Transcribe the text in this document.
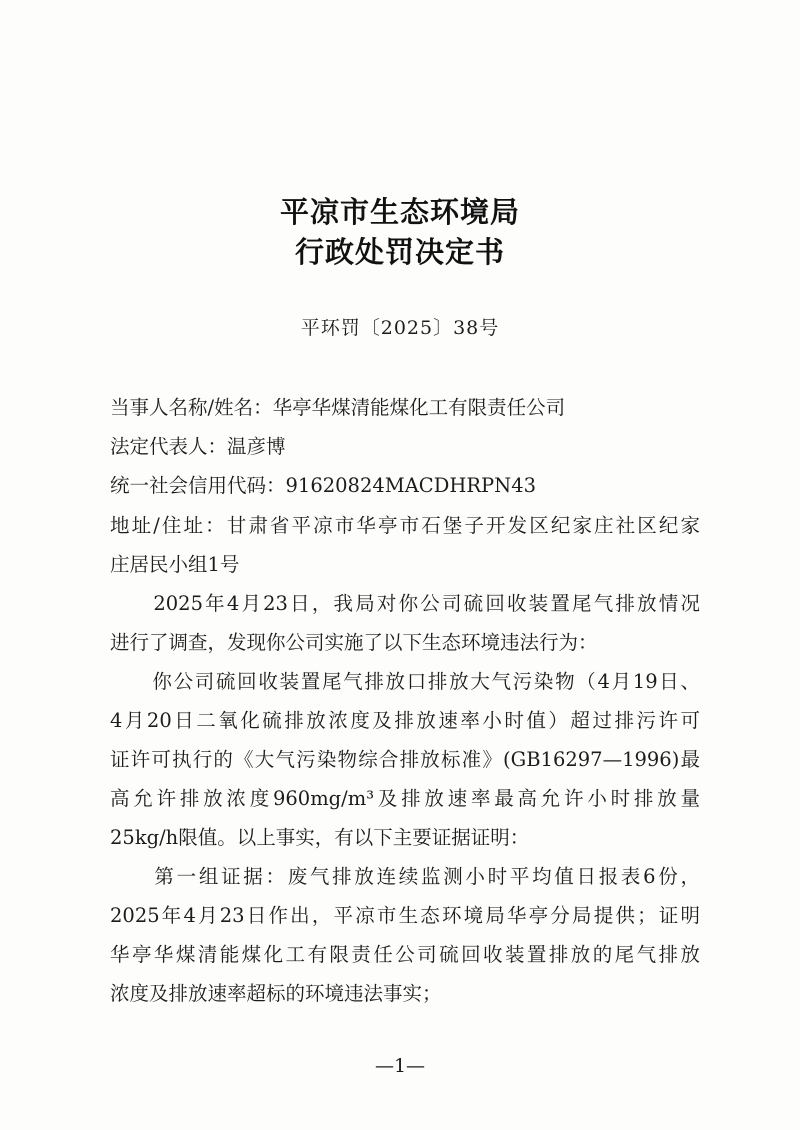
平凉市生态环境局
行政处罚决定书
平环罚〔2025〕38号
当事人名称/姓名：华亭华煤清能煤化工有限责任公司
法定代表人：温彦博
统一社会信用代码：91620824MACDHRPN43
地址/住址：甘肃省平凉市华亭市石堡子开发区纪家庄社区纪家
庄居民小组1号
　　2025年4月23日，我局对你公司硫回收装置尾气排放情况
进行了调查，发现你公司实施了以下生态环境违法行为：
　　你公司硫回收装置尾气排放口排放大气污染物（4月19日、
4月20日二氧化硫排放浓度及排放速率小时值）超过排污许可
证许可执行的《大气污染物综合排放标准》(GB16297—1996)最
高允许排放浓度960mg/m³及排放速率最高允许小时排放量
25kg/h限值。以上事实，有以下主要证据证明：
　　第一组证据：废气排放连续监测小时平均值日报表6份，
2025年4月23日作出，平凉市生态环境局华亭分局提供；证明
华亭华煤清能煤化工有限责任公司硫回收装置排放的尾气排放
浓度及排放速率超标的环境违法事实；
—1—
